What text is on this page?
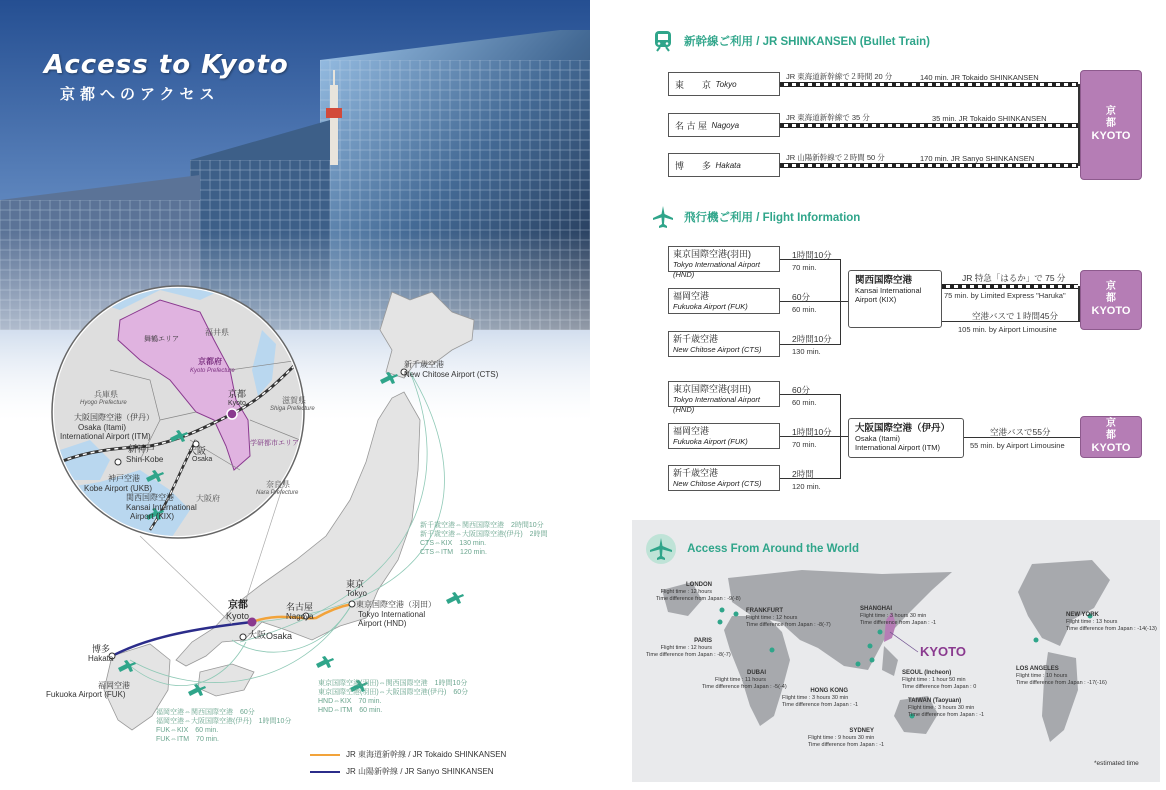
Access to Kyoto
京都へのアクセス
福井県
舞鶴エリア
京都府
Kyoto Prefecture
滋賀県
Shiga Prefecture
兵庫県
Hyogo Prefecture
奈良県
Nara Prefecture
大阪府
学研都市エリア
京都
Kyoto
大阪国際空港（伊丹）
Osaka (Itami)
International Airport (ITM)
新神戸
Shin-Kobe
大阪
Osaka
神戸空港
Kobe Airport (UKB)
関西国際空港
Kansai International
Airport (KIX)
新千歳空港
New Chitose Airport (CTS)
新千歳空港⇔関西国際空港　2時間10分
新千歳空港⇔大阪国際空港(伊丹)　2時間
CTS⇔KIX　130 min.
CTS⇔ITM　120 min.
東京
Tokyo
東京国際空港（羽田）
Tokyo International
Airport (HND)
名古屋
Nagoya
京都
Kyoto
大阪 Osaka
博多
Hakata
福岡空港
Fukuoka Airport (FUK)
東京国際空港(羽田)⇔関西国際空港　1時間10分
東京国際空港(羽田)⇔大阪国際空港(伊丹)　60分
HND⇔KIX　70 min.
HND⇔ITM　60 min.
福岡空港⇔関西国際空港　60分
福岡空港⇔大阪国際空港(伊丹)　1時間10分
FUK⇔KIX　60 min.
FUK⇔ITM　70 min.
JR 東海道新幹線 / JR Tokaido SHINKANSEN
JR 山陽新幹線 / JR Sanyo SHINKANSEN
新幹線ご利用 / JR SHINKANSEN (Bullet Train)
東　　京
Tokyo
JR 東海道新幹線で２時間 20 分	140 min. JR Tokaido SHINKANSEN
名 古 屋
Nagoya
JR 東海道新幹線で 35 分	35 min. JR Tokaido SHINKANSEN
博　　多
Hakata
JR 山陽新幹線で２時間 50 分	170 min. JR Sanyo SHINKANSEN
京　都
KYOTO
飛行機ご利用 / Flight Information
東京国際空港(羽田)
Tokyo International Airport (HND)
福岡空港
Fukuoka Airport (FUK)
新千歳空港
New Chitose Airport (CTS)
1時間10分
70 min.
60分
60 min.
2時間10分
130 min.
関西国際空港
Kansai International
Airport (KIX)
JR 特急「はるか」で 75 分
75 min. by Limited Express "Haruka"
空港バスで１時間45分
105 min. by Airport Limousine
京　都
KYOTO
東京国際空港(羽田)
Tokyo International Airport (HND)
福岡空港
Fukuoka Airport (FUK)
新千歳空港
New Chitose Airport (CTS)
60分
60 min.
1時間10分
70 min.
2時間
120 min.
大阪国際空港（伊丹）
Osaka (Itami)
International Airport (ITM)
空港バスで55分
55 min. by Airport Limousine
京　都
KYOTO
Access From Around the World
LONDON
Flight time : 12 hours
Time difference from Japan : -9(-8)
FRANKFURT
Flight time : 12 hours
Time difference from Japan : -8(-7)
PARIS
Flight time : 12 hours
Time difference from Japan : -8(-7)
DUBAI
Flight time : 11 hours
Time difference from Japan : -5(-4)
HONG KONG
Flight time : 3 hours 30 min
Time difference from Japan : -1
SHANGHAI
Flight time : 3 hours 30 min
Time difference from Japan : -1
SEOUL (Incheon)
Flight time : 1 hour 50 min
Time difference from Japan : 0
TAIWAN (Taoyuan)
Flight time : 3 hours 30 min
Time difference from Japan : -1
SYDNEY
Flight time : 9 hours 30 min
Time difference from Japan : -1
NEW YORK
Flight time : 13 hours
Time difference from Japan : -14(-13)
LOS ANGELES
Flight time : 10 hours
Time difference from Japan : -17(-16)
KYOTO
*estimated time
